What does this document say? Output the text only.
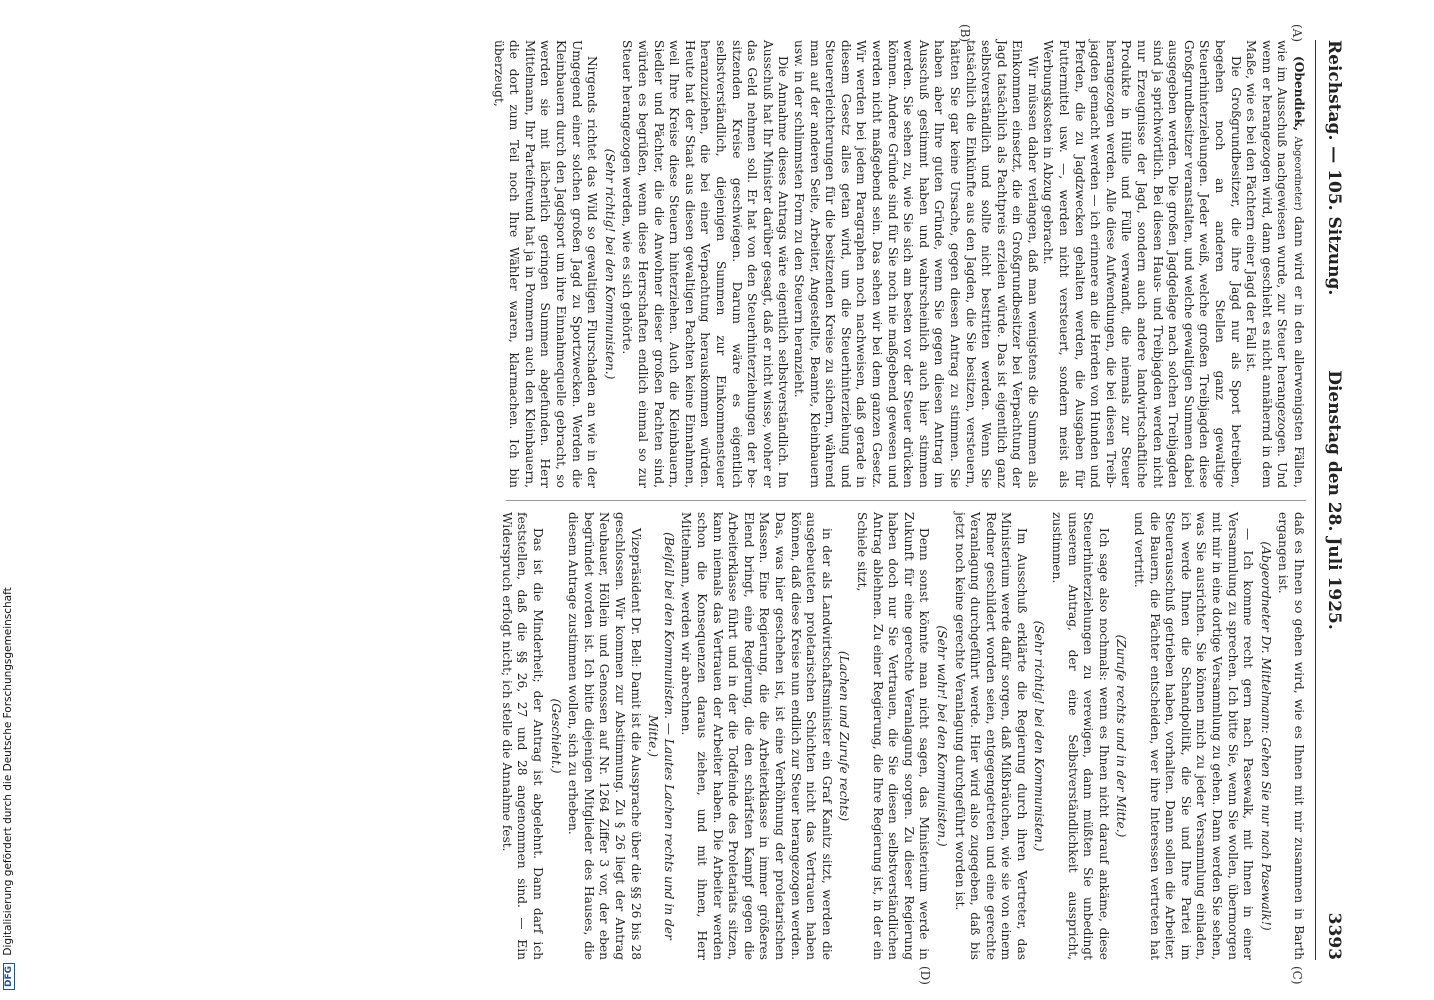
Reichstag. — 105. Sitzung.
Dienstag den 28. Juli 1925.
3393
(A)
(B)
(C)
(D)

(Obendiek, Abgeordneter) dann wird er in den allerwenigsten Fällen, wie im Ausschuß nachgewiesen wurde, zur Steuer herangezogen. Und wenn er herangezogen wird, dann geschieht es nicht annähernd in dem Maße, wie es bei den Pächtern einer Jagd der Fall ist.

Die Großgrundbesitzer, die ihre Jagd nur als Sport betreiben, begehen noch an anderen Stellen ganz gewaltige Steuerhinterziehungen. Jeder weiß, welche großen Treibjagden diese Großgrundbesitzer veranstalten, und welche gewaltigen Summen dabei ausgegeben werden. Die großen Jagdgelage nach solchen Treibjagden sind ja sprichwörtlich. Bei diesen Haus- und Treibjagden werden nicht nur Erzeugnisse der Jagd, sondern auch andere landwirtschaftliche Produkte in Hülle und Fülle verwandt, die niemals zur Steuer herangezogen werden. Alle diese Aufwendungen, die bei diesen Treibjagden gemacht werden — ich erinnere an die Herden von Hunden und Pferden, die zu Jagdzwecken gehalten werden, die Ausgaben für Futtermittel usw. —, werden nicht versteuert, sondern meist als Werbungskosten in Abzug gebracht.

Wir müssen daher verlangen, daß man wenigstens die Summen als Einkommen einsetzt, die ein Großgrundbesitzer bei Verpachtung der Jagd tatsächlich als Pachtpreis erzielen würde. Das ist eigentlich ganz selbstverständlich und sollte nicht bestritten werden. Wenn Sie tatsächlich die Einkünfte aus den Jagden, die Sie besitzen, versteuern, hätten Sie gar keine Ursache, gegen diesen Antrag zu stimmen. Sie haben aber Ihre guten Gründe, wenn Sie gegen diesen Antrag im Ausschuß gestimmt haben und wahrscheinlich auch hier stimmen werden. Sie sehen zu, wie Sie sich am besten vor der Steuer drücken können. Andere Gründe sind für Sie noch nie maßgebend gewesen und werden nicht maßgebend sein. Das sehen wir bei dem ganzen Gesetz. Wir werden bei jedem Paragraphen noch nachweisen, daß gerade in diesem Gesetz alles getan wird, um die Steuerhinterziehung und Steuererleichterungen für die besitzenden Kreise zu sichern, während man auf der anderen Seite, Arbeiter, Angestellte, Beamte, Kleinbauern usw. in der schlimmsten Form zu den Steuern heranzieht.

Die Annahme dieses Antrags wäre eigentlich selbstverständlich. Im Ausschuß hat Ihr Minister darüber gesagt, daß er nicht wisse, woher er das Geld nehmen soll. Er hat von den Steuerhinterziehungen der besitzenden Kreise geschwiegen. Darum wäre es eigentlich selbstverständlich, diejenigen Summen zur Einkommensteuer heranzuziehen, die bei einer Verpachtung herauskommen würden. Heute hat der Staat aus diesen gewaltigen Pachten keine Einnahmen, weil Ihre Kreise diese Steuern hinterziehen. Auch die Kleinbauern, Siedler und Pächter, die die Anwohner dieser großen Pachten sind, würden es begrüßen, wenn diese Herrschaften endlich einmal so zur Steuer herangezogen werden, wie es sich gehörte.

(Sehr richtig! bei den Kommunisten.)

Nirgends richtet das Wild so gewaltigen Flurschaden an wie in der Umgegend einer solchen großen Jagd zu Sportzwecken. Werden die Kleinbauern durch den Jagdsport um ihre Einnahmequelle gebracht, so werden sie mit lächerlich geringen Summen abgefunden. Herr Mittelmann, Ihr Parteifreund hat ja in Pommern auch den Kleinbauern, die dort zum Teil noch Ihre Wähler waren, klarmachen. Ich bin überzeugt,

daß es Ihnen so gehen wird, wie es Ihnen mit mir zusammen in Barth ergangen ist.

(Abgeordneter Dr. Mittelmann: Gehen Sie nur nach Pasewalk!)

— Ich komme recht gern nach Pasewalk, mit Ihnen in einer Versammlung zu sprechen. Ich bitte Sie, wenn Sie wollen, übermorgen mit mir in eine dortige Versammlung zu gehen. Dann werden Sie sehen, was Sie ausrichten. Sie können mich zu jeder Versammlung einladen, ich werde Ihnen die Schandpolitik, die Sie und Ihre Partei im Steuerausschuß getrieben haben, vorhalten. Dann sollen die Arbeiter, die Bauern, die Pächter entscheiden, wer ihre Interessen vertreten hat und vertritt.

(Zurufe rechts und in der Mitte.)

Ich sage also nochmals: wenn es Ihnen nicht darauf ankäme, diese Steuerhinterziehungen zu verewigen, dann müßten Sie unbedingt unserem Antrag, der eine Selbstverständlichkeit ausspricht, zustimmen.

(Sehr richtig! bei den Kommunisten.)

Im Ausschuß erklärte die Regierung durch ihren Vertreter, das Ministerium werde dafür sorgen, daß Mißbräuchen, wie sie von einem Redner geschildert worden seien, entgegengetreten und eine gerechte Veranlagung durchgeführt werde. Hier wird also zugegeben, daß bis jetzt noch keine gerechte Veranlagung durchgeführt worden ist.

(Sehr wahr! bei den Kommunisten.)

Denn sonst könnte man nicht sagen, das Ministerium werde in Zukunft für eine gerechte Veranlagung sorgen. Zu dieser Regierung haben doch nur Sie Vertrauen, die Sie diesen selbstverständlichen Antrag ablehnen. Zu einer Regierung, die Ihre Regierung ist, in der ein Schiele sitzt,

(Lachen und Zurufe rechts)

in der als Landwirtschaftsminister ein Graf Kanitz sitzt, werden die ausgebeuteten proletarischen Schichten nicht das Vertrauen haben können, daß diese Kreise nun endlich zur Steuer herangezogen werden. Das, was hier geschehen ist, ist eine Verhöhnung der proletarischen Massen. Eine Regierung, die die Arbeiterklasse in immer größeres Elend bringt, eine Regierung, die den schärfsten Kampf gegen die Arbeiterklasse führt und in der die Todfeinde des Proletariats sitzen, kann niemals das Vertrauen der Arbeiter haben. Die Arbeiter werden schon die Konsequenzen daraus ziehen, und mit ihnen, Herr Mittelmann, werden wir abrechnen.

(Beifall bei den Kommunisten. — Lautes Lachen rechts und in der Mitte.)

Vizepräsident Dr. Bell: Damit ist die Aussprache über die §§ 26 bis 28 geschlossen. Wir kommen zur Abstimmung. Zu § 26 liegt der Antrag Neubauer, Höllein und Genossen auf Nr. 1264 Ziffer 3 vor, der eben begründet worden ist. Ich bitte diejenigen Mitglieder des Hauses, die diesem Antrage zustimmen wollen, sich zu erheben.

(Geschieht.)

Das ist die Minderheit; der Antrag ist abgelehnt. Dann darf ich feststellen, daß die §§ 26, 27 und 28 angenommen sind. — Ein Widerspruch erfolgt nicht; ich stelle die Annahme fest.

DFG Digitalisierung gefördert durch die Deutsche Forschungsgemeinschaft
